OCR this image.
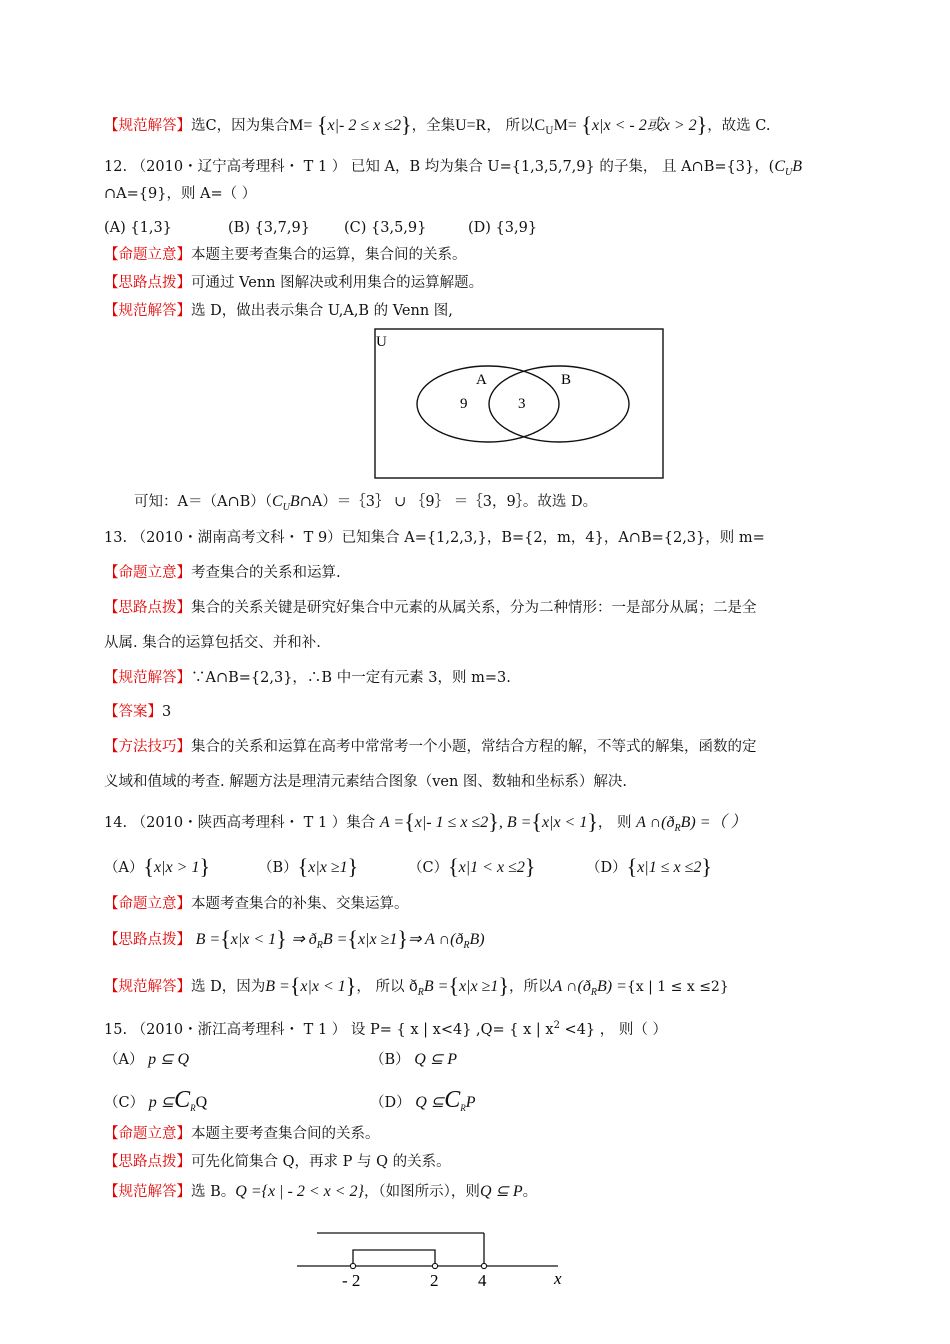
【规范解答】选C，因为集合M= {x|- 2 ≤ x ≤2}，全集U=R， 所以$C_UM= \{x|x$ < - 2或x > 2}，故选 C.
12. （2010・辽宁高考理科・ T 1 ） 已知 A，B 均为集合 U={1,3,5,7,9} 的子集， 且 A∩B={3}，($C_UB$
∩A={9}，则 A=（ ）
(A) {1,3}	(B) {3,7,9} (C) {3,5,9}	(D) {3,9}
【命题立意】本题主要考查集合的运算，集合间的关系。
【思路点拨】可通过 Venn 图解决或利用集合的运算解题。
【规范解答】选 D，做出表示集合 U,A,B 的 Venn 图,
U
A	B
9	3
可知：$A=(A\cap B)(C_UB\cap A)=\{3\}$ ∪ ｛9｝ ＝｛3，9｝。故选 D。
13. （2010・湖南高考文科・ T 9）已知集合 A={1,2,3,}，B={2，m，4}，A∩B={2,3}，则 m=
【命题立意】考查集合的关系和运算.
【思路点拨】集合的关系关键是研究好集合中元素的从属关系，分为二种情形：一是部分从属；二是全
从属. 集合的运算包括交、并和补.
【规范解答】∵A∩B={2,3}，∴B 中一定有元素 3，则 m=3.
【答案】3
【方法技巧】集合的关系和运算在高考中常常考一个小题，常结合方程的解，不等式的解集，函数的定
义域和值域的考查. 解题方法是理清元素结合图象（ven 图、数轴和坐标系）解决.
14. （2010・陕西高考理科・ T 1 ）集合 A ={x|- 1 ≤ x ≤2}, B ={x|x < 1}， 则 A $\cap(ð_RB)$ =（ ）
（A）{x|x > 1}	（B）{x|x ≥1}	（C）{x|1 < x ≤2}	（D）{x|1 ≤ x ≤2}
【命题立意】本题考查集合的补集、交集运算。
【思路点拨】 B ={x|x < 1} ⇒ $ð_RB =\{x|x$ ≥1}⇒ A $\cap(ð_RB)$
【规范解答】选 D，因为B ={x|x < 1}， 所以 $ð_RB =\{x|x \ge 1\}$，所以A $\cap(ð_RB) =\{x$ | 1 ≤ x ≤2}
15. （2010・浙江高考理科・ T 1 ） 设 P= { x | x<4} ,Q= { x | $x^2 <4$} ， 则（ ）
（A） p ⊆ Q	（B） Q ⊆ P
（C） p $⊆C_RQ$	（D） Q $⊆C_RP$
【命题立意】本题主要考查集合间的关系。
【思路点拨】可先化简集合 Q，再求 P 与 Q 的关系。
【规范解答】选 B。Q ={x | - 2 < x < 2}，（如图所示），则Q ⊆ P。
- 2	2 4	x
